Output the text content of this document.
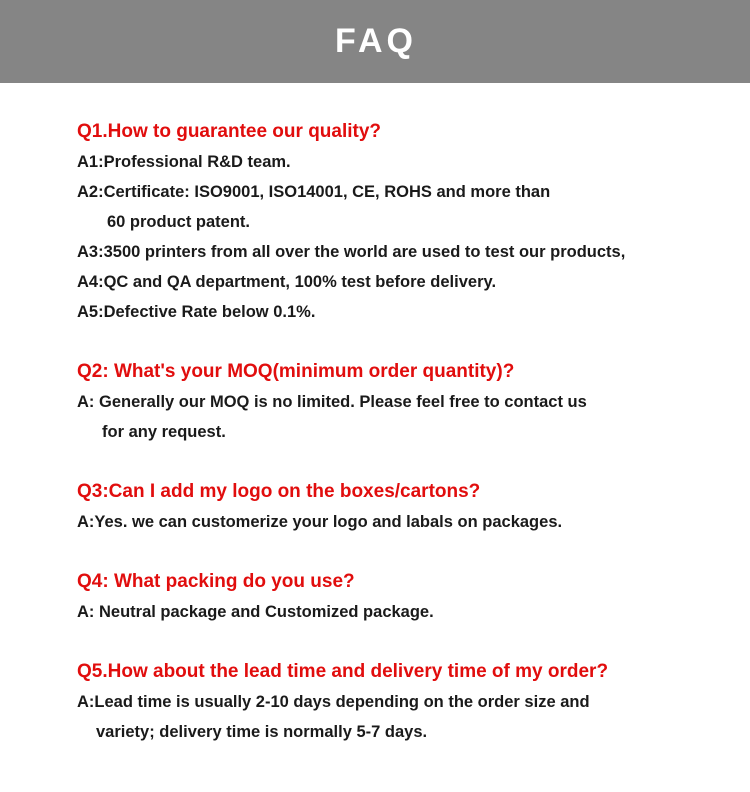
FAQ
Q1.How to guarantee our quality?
A1:Professional R&D team.
A2:Certificate: ISO9001, ISO14001, CE, ROHS and more than
60 product patent.
A3:3500 printers from all over the world are used to test our products,
A4:QC and QA department, 100% test before delivery.
A5:Defective Rate below 0.1%.
Q2: What's your MOQ(minimum order quantity)?
A: Generally our MOQ is no limited. Please feel free to contact us
for any request.
Q3:Can I add my logo on the boxes/cartons?
A:Yes. we can customerize your logo and labals on packages.
Q4: What packing do you use?
A: Neutral package and Customized package.
Q5.How about the lead time and delivery time of my order?
A:Lead time is usually 2-10 days depending on the order size and
variety; delivery time is normally 5-7 days.
